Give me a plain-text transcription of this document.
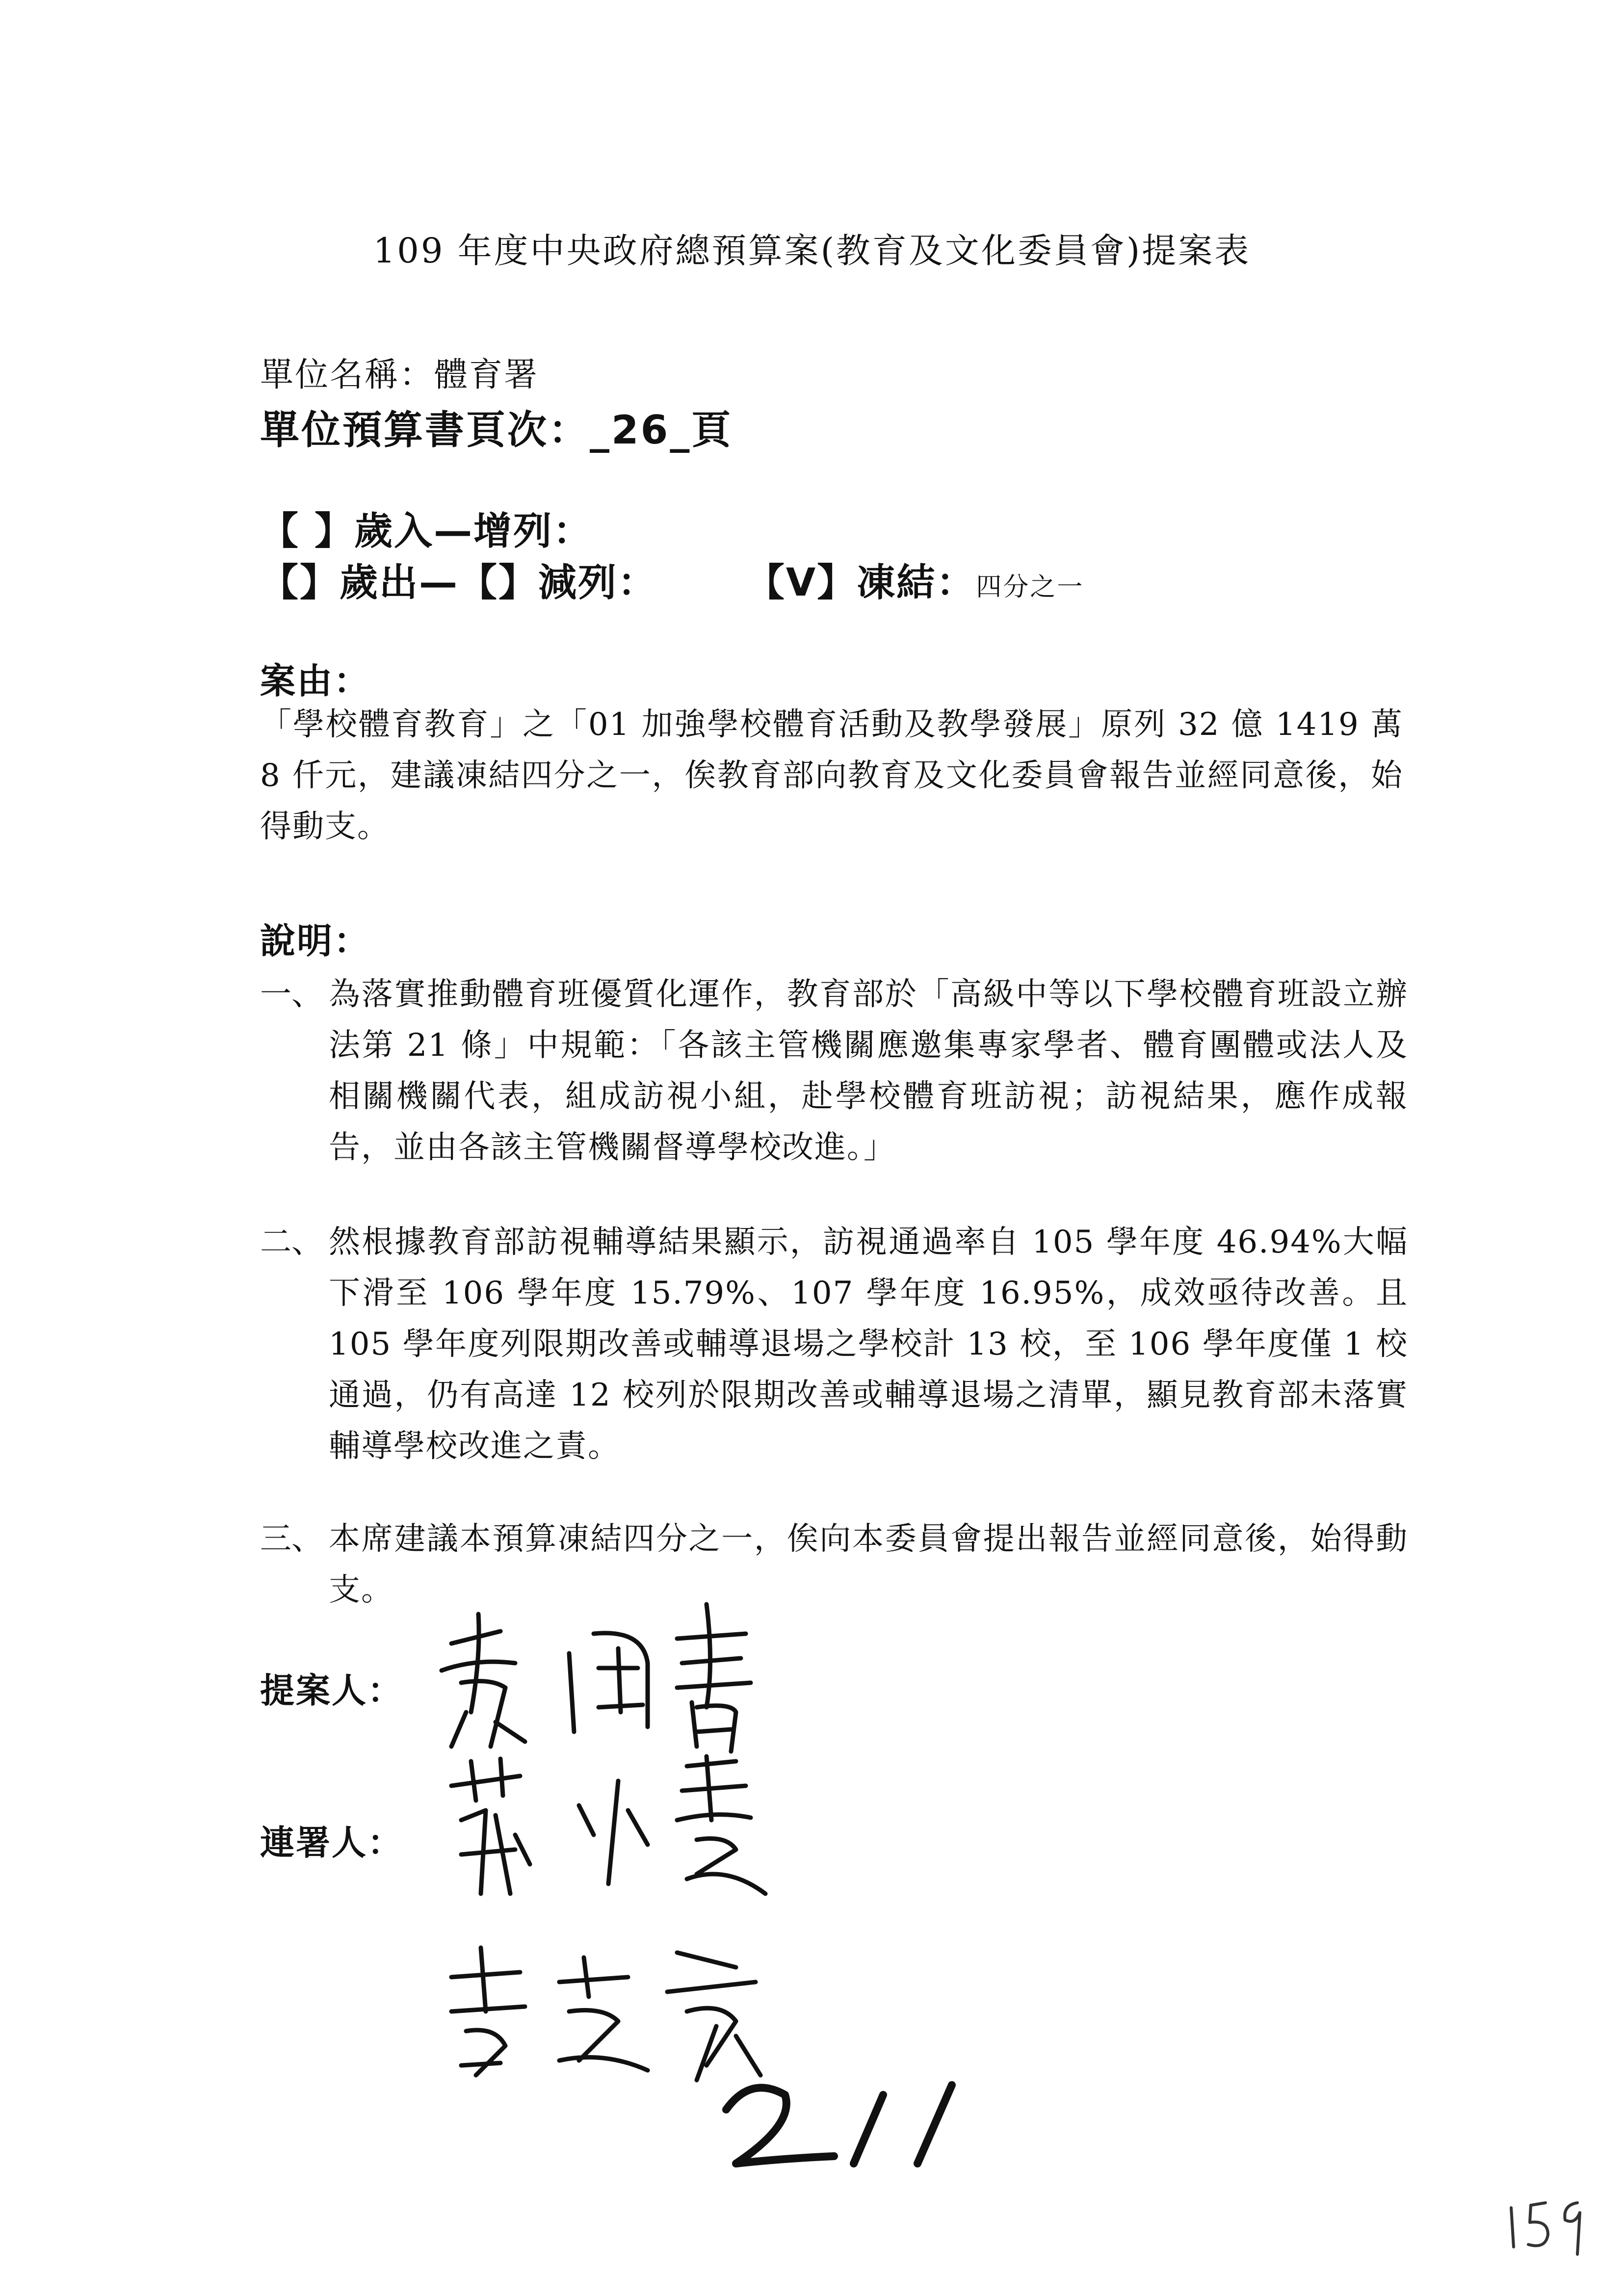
109 年度中央政府總預算案(教育及文化委員會)提案表
單位名稱：體育署
單位預算書頁次：_26_頁
【 】歲入—增列：
【】歲出—【】減列：      【V】凍結：四分之一
案由：
「學校體育教育」之「01 加強學校體育活動及教學發展」原列 32 億 1419 萬 8 仟元，建議凍結四分之一，俟教育部向教育及文化委員會報告並經同意後，始得動支。
說明：
一、 為落實推動體育班優質化運作，教育部於「高級中等以下學校體育班設立辦法第 21 條」中規範：「各該主管機關應邀集專家學者、體育團體或法人及相關機關代表，組成訪視小組，赴學校體育班訪視；訪視結果，應作成報告，並由各該主管機關督導學校改進。」
二、 然根據教育部訪視輔導結果顯示，訪視通過率自 105 學年度 46.94%大幅下滑至 106 學年度 15.79%、107 學年度 16.95%，成效亟待改善。且 105 學年度列限期改善或輔導退場之學校計 13 校，至 106 學年度僅 1 校通過，仍有高達 12 校列於限期改善或輔導退場之清單，顯見教育部未落實輔導學校改進之責。
三、 本席建議本預算凍結四分之一，俟向本委員會提出報告並經同意後，始得動支。
提案人：
連署人：
211
159
